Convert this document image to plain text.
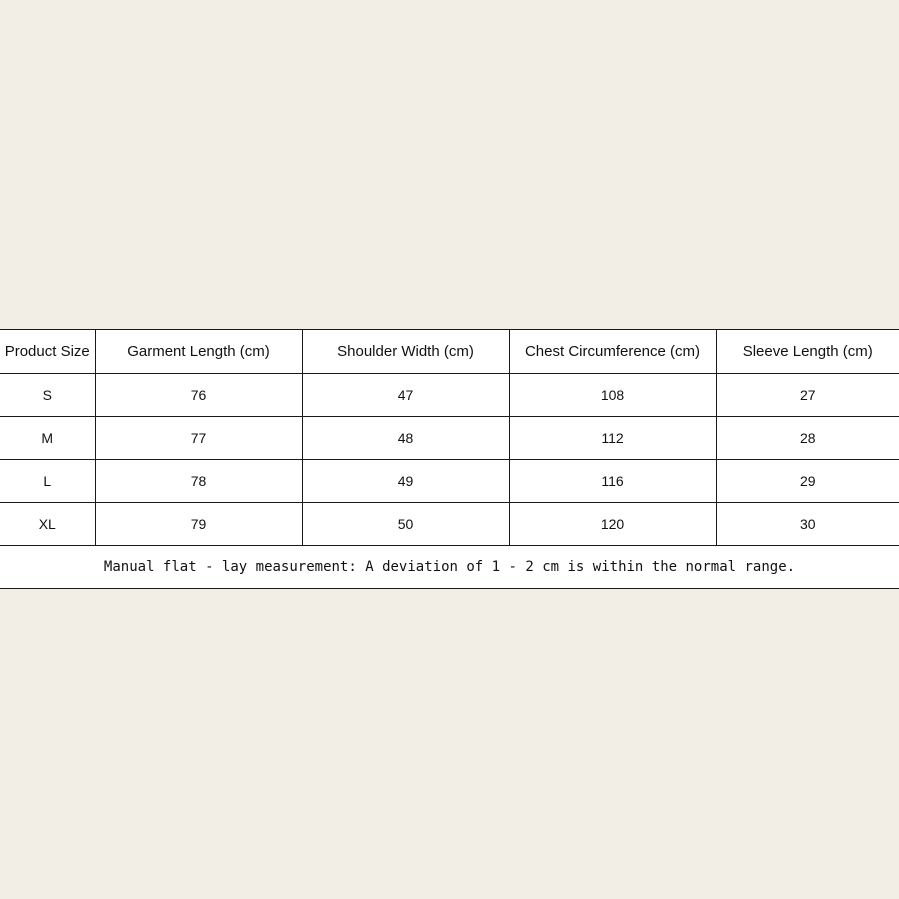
Product Size	Garment Length (cm)	Shoulder Width (cm)	Chest Circumference (cm)	Sleeve Length (cm)
S	76	47	108	27
M	77	48	112	28
L	78	49	116	29
XL	79	50	120	30
Manual flat - lay measurement: A deviation of 1 - 2 cm is within the normal range.				
